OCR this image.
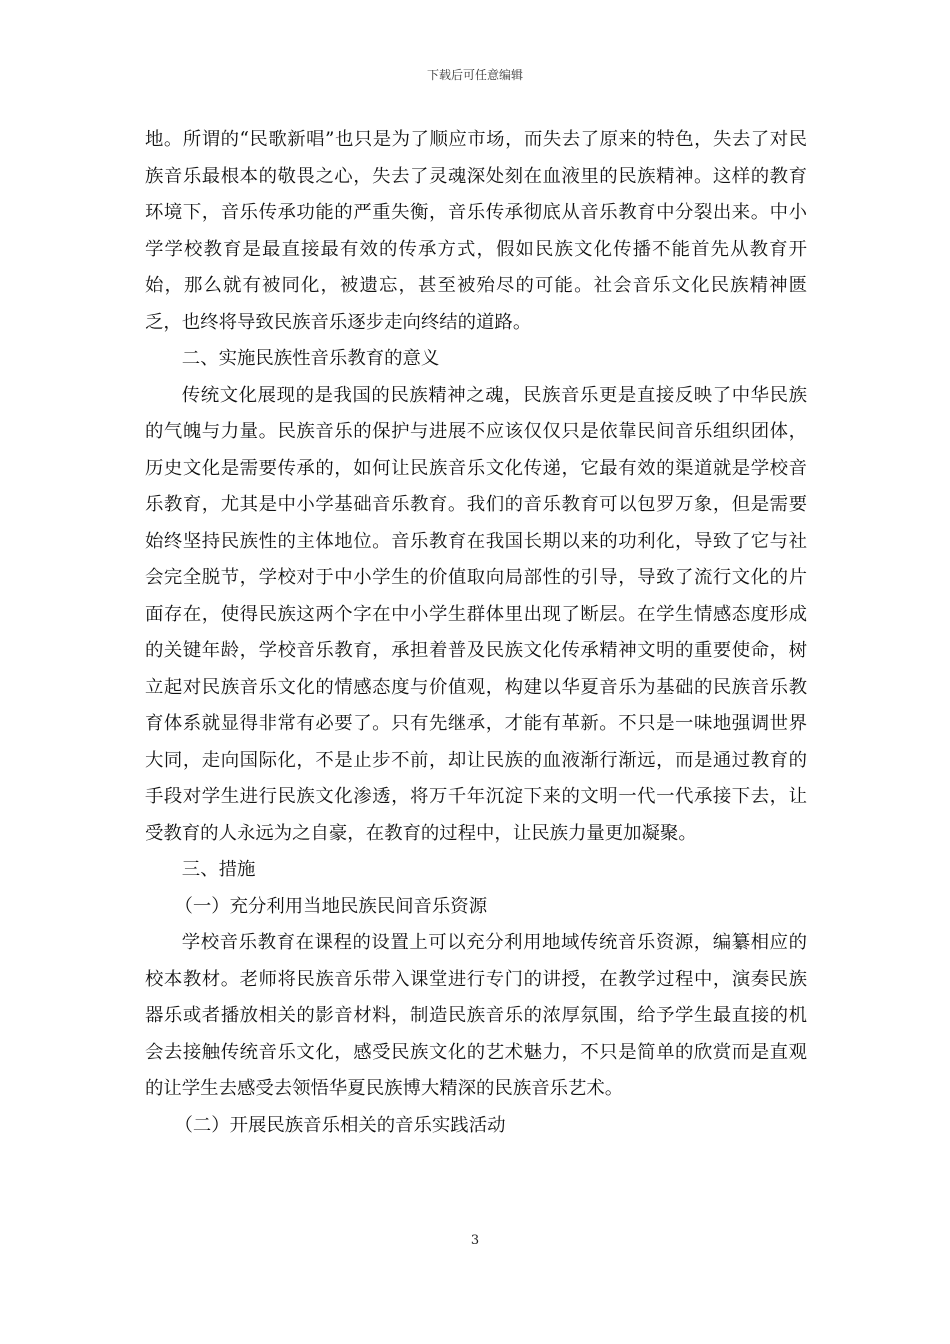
下载后可任意编辑

地。所谓的“民歌新唱”也只是为了顺应市场，而失去了原来的特色，失去了对民族音乐最根本的敬畏之心，失去了灵魂深处刻在血液里的民族精神。这样的教育环境下，音乐传承功能的严重失衡，音乐传承彻底从音乐教育中分裂出来。中小学学校教育是最直接最有效的传承方式，假如民族文化传播不能首先从教育开始，那么就有被同化，被遗忘，甚至被殆尽的可能。社会音乐文化民族精神匮乏，也终将导致民族音乐逐步走向终结的道路。

二、实施民族性音乐教育的意义

传统文化展现的是我国的民族精神之魂，民族音乐更是直接反映了中华民族的气魄与力量。民族音乐的保护与进展不应该仅仅只是依靠民间音乐组织团体，历史文化是需要传承的，如何让民族音乐文化传递，它最有效的渠道就是学校音乐教育，尤其是中小学基础音乐教育。我们的音乐教育可以包罗万象，但是需要始终坚持民族性的主体地位。音乐教育在我国长期以来的功利化，导致了它与社会完全脱节，学校对于中小学生的价值取向局部性的引导，导致了流行文化的片面存在，使得民族这两个字在中小学生群体里出现了断层。在学生情感态度形成的关键年龄，学校音乐教育，承担着普及民族文化传承精神文明的重要使命，树立起对民族音乐文化的情感态度与价值观，构建以华夏音乐为基础的民族音乐教育体系就显得非常有必要了。只有先继承，才能有革新。不只是一味地强调世界大同，走向国际化，不是止步不前，却让民族的血液渐行渐远，而是通过教育的手段对学生进行民族文化渗透，将万千年沉淀下来的文明一代一代承接下去，让受教育的人永远为之自豪，在教育的过程中，让民族力量更加凝聚。

三、措施

（一）充分利用当地民族民间音乐资源

学校音乐教育在课程的设置上可以充分利用地域传统音乐资源，编纂相应的校本教材。老师将民族音乐带入课堂进行专门的讲授，在教学过程中，演奏民族器乐或者播放相关的影音材料，制造民族音乐的浓厚氛围，给予学生最直接的机会去接触传统音乐文化，感受民族文化的艺术魅力，不只是简单的欣赏而是直观的让学生去感受去领悟华夏民族博大精深的民族音乐艺术。

（二）开展民族音乐相关的音乐实践活动

3
